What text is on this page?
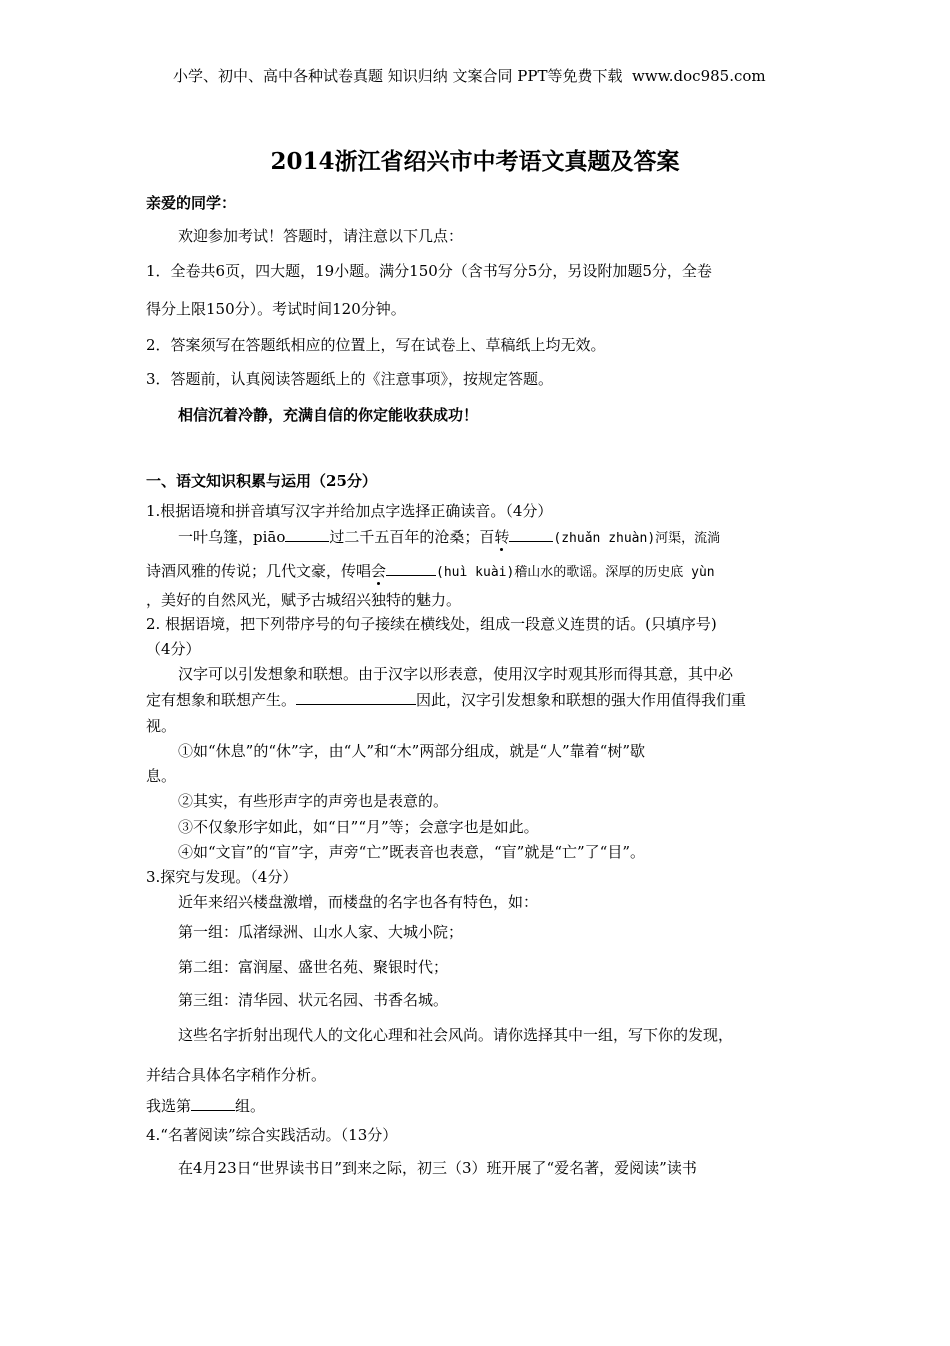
小学、初中、高中各种试卷真题 知识归纳 文案合同 PPT等免费下载 www.doc985.com
2014浙江省绍兴市中考语文真题及答案
亲爱的同学：
欢迎参加考试！答题时，请注意以下几点：
1．全卷共6页，四大题，19小题。满分150分（含书写分5分，另设附加题5分，全卷
得分上限150分）。考试时间120分钟。
2．答案须写在答题纸相应的位置上，写在试卷上、草稿纸上均无效。
3．答题前，认真阅读答题纸上的《注意事项》，按规定答题。
相信沉着冷静，充满自信的你定能收获成功！
一、语文知识积累与运用（25分）
1.根据语境和拼音填写汉字并给加点字选择正确读音。（4分）
一叶乌篷，piāo	过二千五百年的沧桑；百转	(zhuǎn zhuàn)河渠，流淌
诗酒风雅的传说；几代文豪，传唱会	(huì kuài)稽山水的歌谣。深厚的历史底 yùn
，美好的自然风光，赋予古城绍兴独特的魅力。
2. 根据语境，把下列带序号的句子接续在横线处，组成一段意义连贯的话。(只填序号)
（4分）
汉字可以引发想象和联想。由于汉字以形表意，使用汉字时观其形而得其意，其中必
定有想象和联想产生。	因此，汉字引发想象和联想的强大作用值得我们重
视。
①如“休息”的“休”字，由“人”和“木”两部分组成，就是“人”靠着“树”歇
息。
②其实，有些形声字的声旁也是表意的。
③不仅象形字如此，如“日”“月”等；会意字也是如此。
④如“文盲”的“盲”字，声旁“亡”既表音也表意，“盲”就是“亡”了“目”。
3.探究与发现。（4分）
近年来绍兴楼盘激增，而楼盘的名字也各有特色，如：
第一组：瓜渚绿洲、山水人家、大城小院；
第二组：富润屋、盛世名苑、聚银时代；
第三组：清华园、状元名园、书香名城。
这些名字折射出现代人的文化心理和社会风尚。请你选择其中一组，写下你的发现，
并结合具体名字稍作分析。
我选第	组。
4.“名著阅读”综合实践活动。（13分）
在4月23日“世界读书日”到来之际，初三（3）班开展了“爱名著，爱阅读”读书
